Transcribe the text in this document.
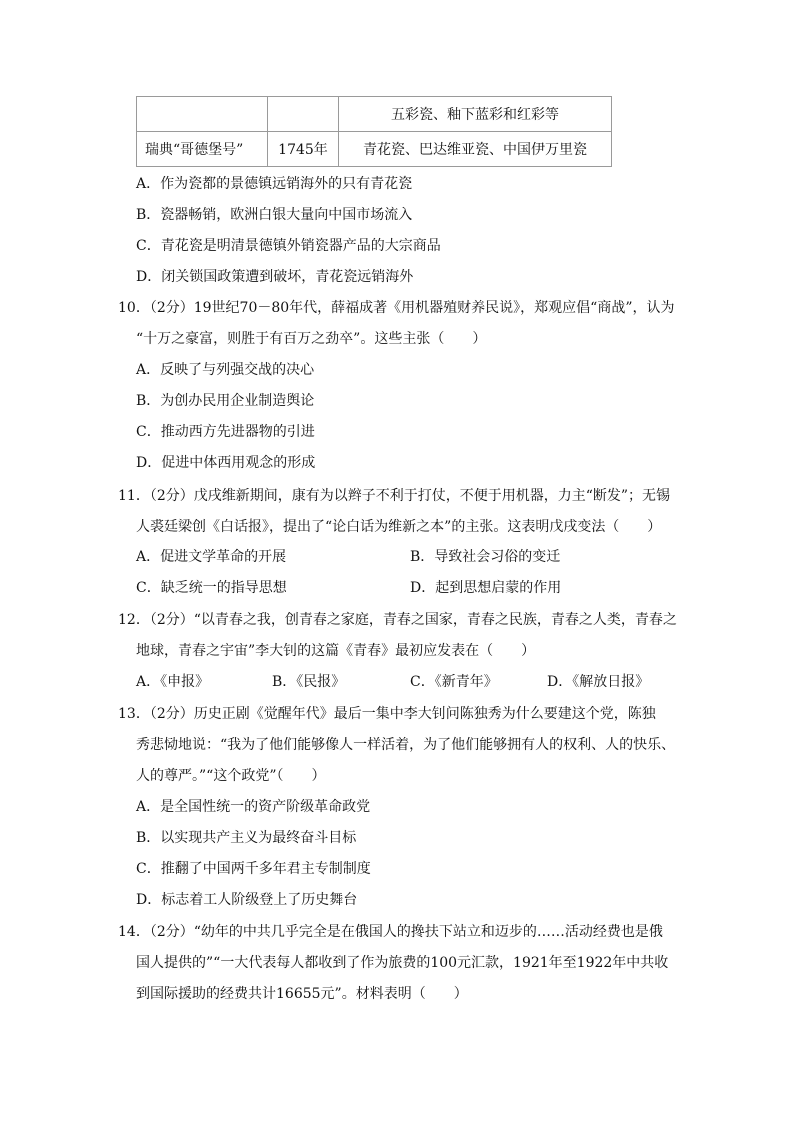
		五彩瓷、釉下蓝彩和红彩等
瑞典“哥德堡号”	1745年	青花瓷、巴达维亚瓷、中国伊万里瓷
A．作为瓷都的景德镇远销海外的只有青花瓷
B．瓷器畅销，欧洲白银大量向中国市场流入
C．青花瓷是明清景德镇外销瓷器产品的大宗商品
D．闭关锁国政策遭到破坏，青花瓷远销海外
10．（2分）19世纪70－80年代，薛福成著《用机器殖财养民说》，郑观应倡“商战”，认为
“十万之豪富，则胜于有百万之劲卒”。这些主张（　　）
A．反映了与列强交战的决心
B．为创办民用企业制造舆论
C．推动西方先进器物的引进
D．促进中体西用观念的形成
11．（2分）戊戌维新期间，康有为以辫子不利于打仗，不便于用机器，力主“断发”；无锡
人裘廷梁创《白话报》，提出了“论白话为维新之本”的主张。这表明戊戌变法（　　）
A．促进文学革命的开展	B．导致社会习俗的变迁
C．缺乏统一的指导思想	D．起到思想启蒙的作用
12．（2分）“以青春之我，创青春之家庭，青春之国家，青春之民族，青春之人类，青春之
地球，青春之宇宙”李大钊的这篇《青春》最初应发表在（　　）
A．《申报》	B．《民报》	C．《新青年》	D．《解放日报》
13．（2分）历史正剧《觉醒年代》最后一集中李大钊问陈独秀为什么要建这个党，陈独
秀悲恸地说：“我为了他们能够像人一样活着，为了他们能够拥有人的权利、人的快乐、
人的尊严。”“这个政党”（　　）
A．是全国性统一的资产阶级革命政党
B．以实现共产主义为最终奋斗目标
C．推翻了中国两千多年君主专制制度
D．标志着工人阶级登上了历史舞台
14．（2分）“幼年的中共几乎完全是在俄国人的搀扶下站立和迈步的……活动经费也是俄
国人提供的”“一大代表每人都收到了作为旅费的100元汇款，1921年至1922年中共收
到国际援助的经费共计16655元”。材料表明（　　）
